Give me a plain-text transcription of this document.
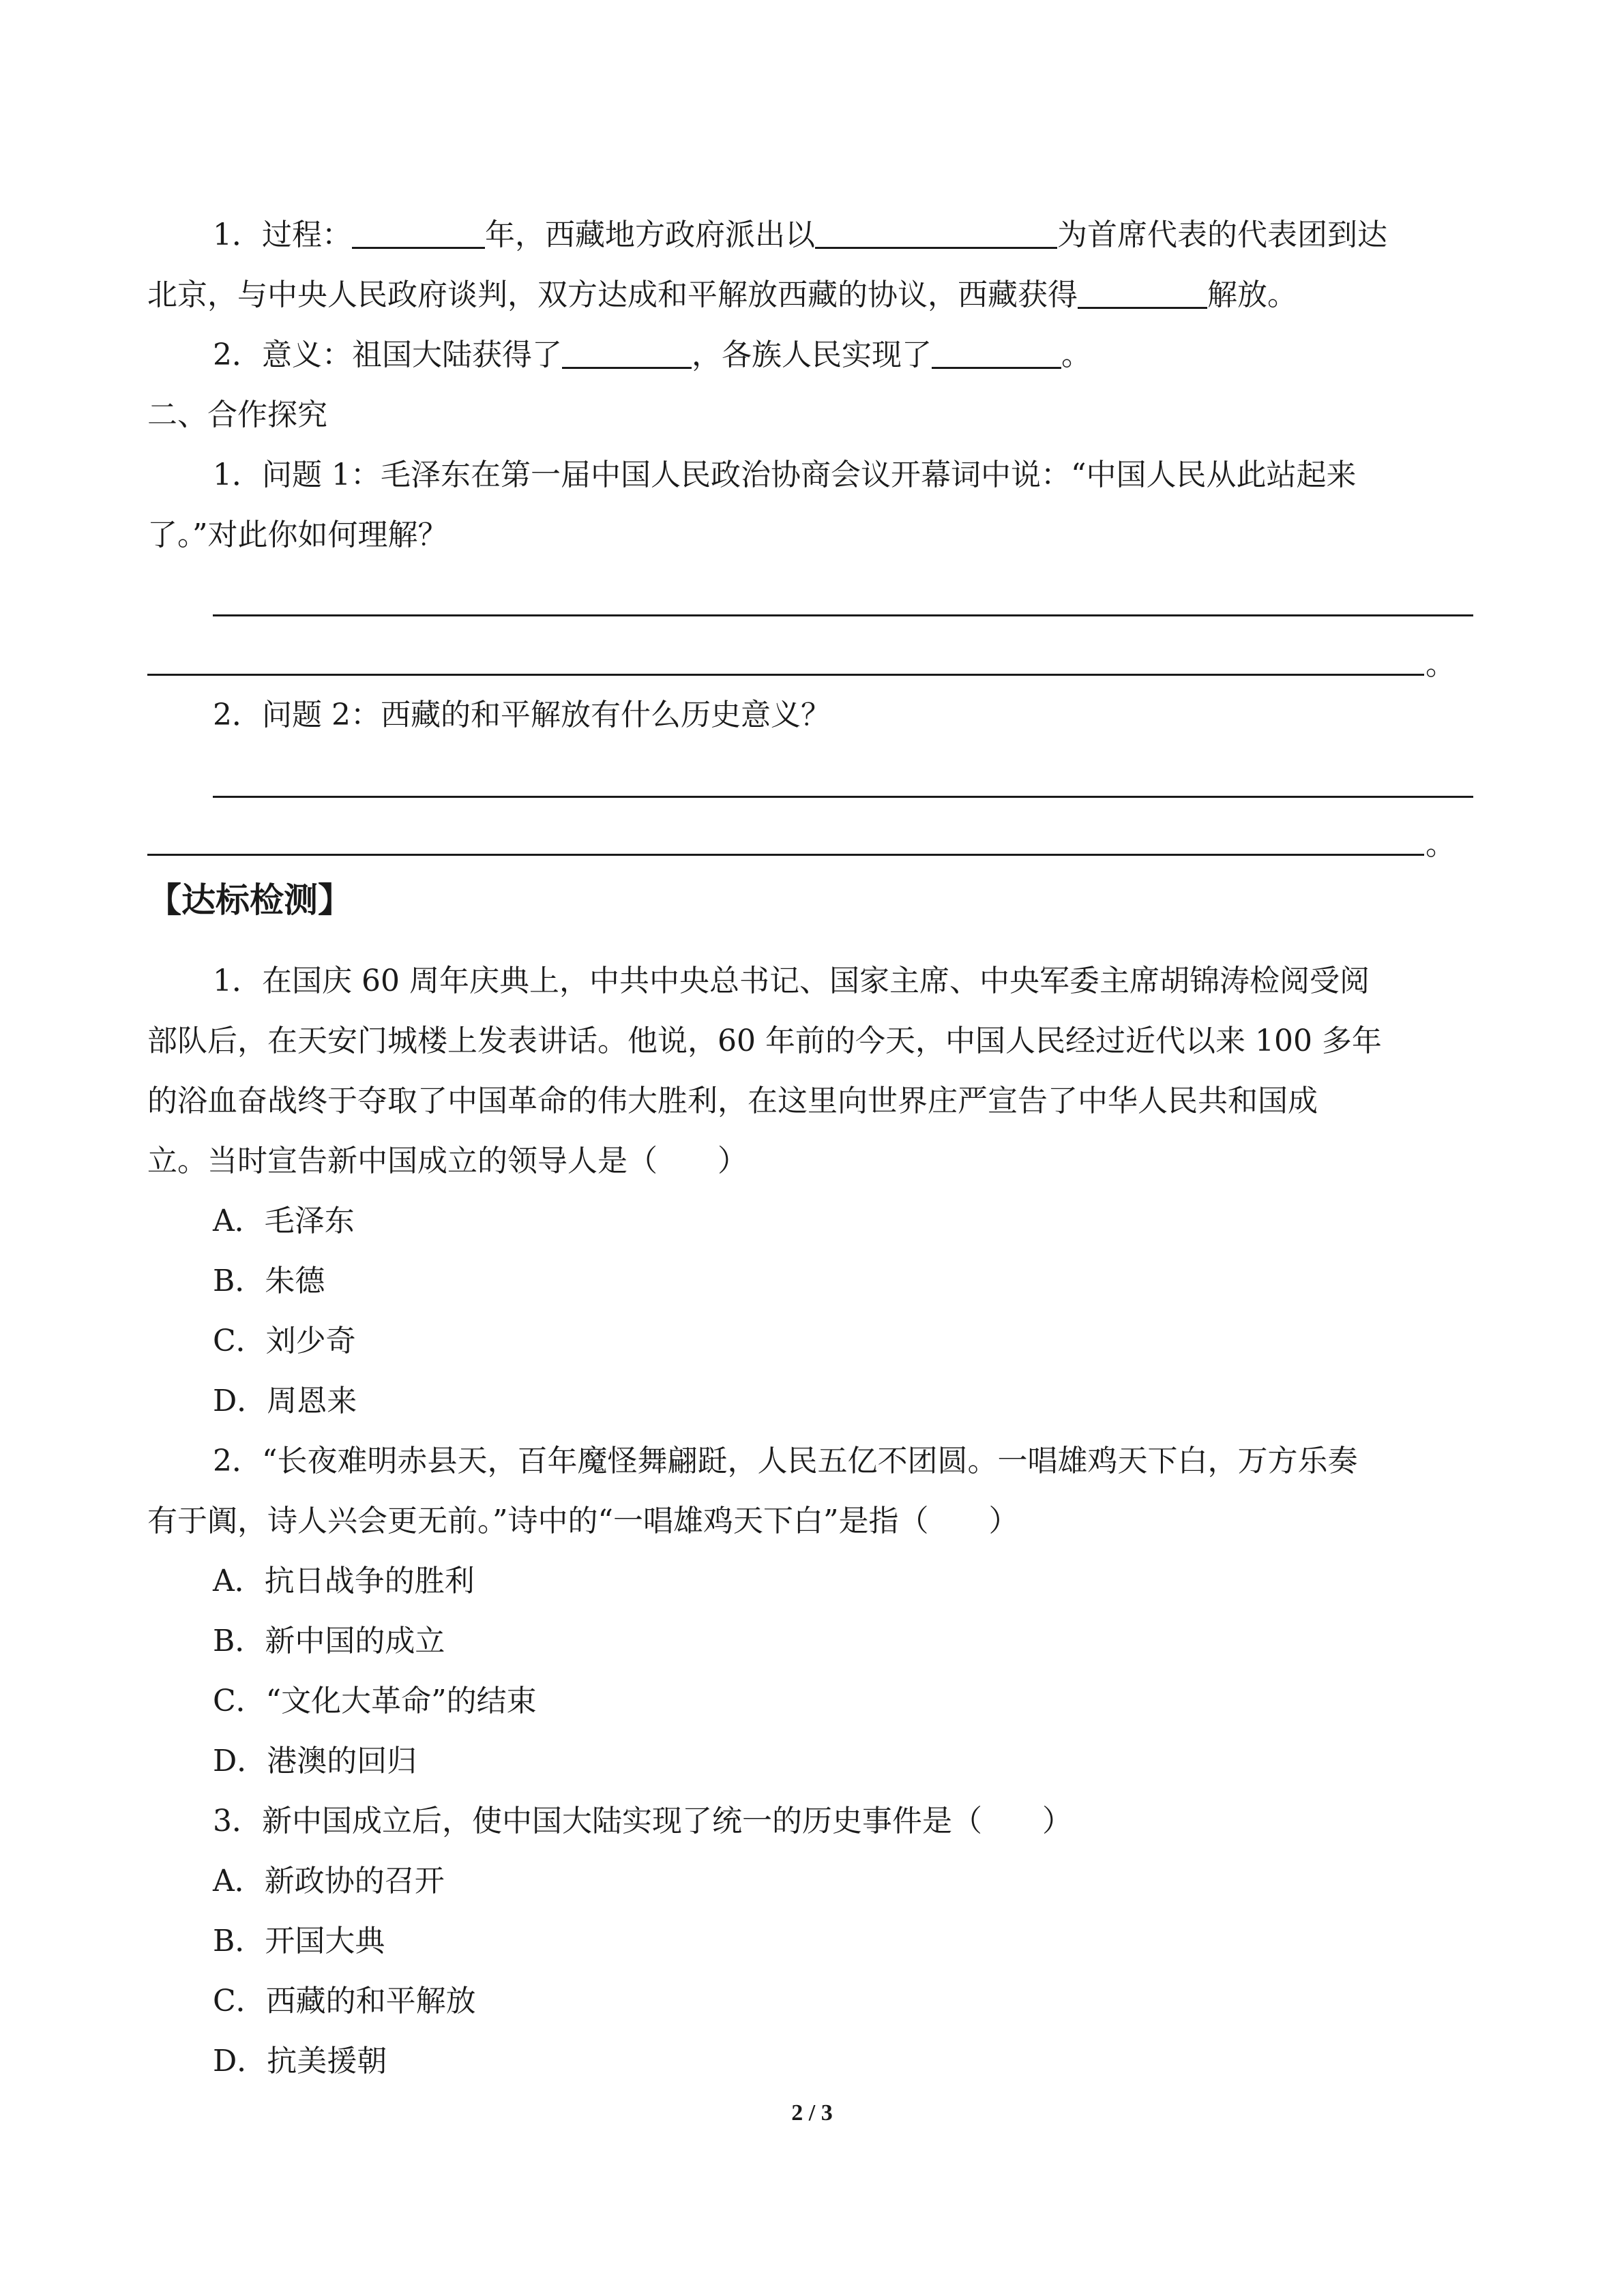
1．过程：	年，西藏地方政府派出以	为首席代表的代表团到达
北京，与中央人民政府谈判，双方达成和平解放西藏的协议，西藏获得	解放。
2．意义：祖国大陆获得了	，各族人民实现了	。
二、合作探究
1．问题 1：毛泽东在第一届中国人民政治协商会议开幕词中说：“中国人民从此站起来
了。”对此你如何理解？
。
2．问题 2：西藏的和平解放有什么历史意义？
。
【达标检测】
1．在国庆 60 周年庆典上，中共中央总书记、国家主席、中央军委主席胡锦涛检阅受阅
部队后，在天安门城楼上发表讲话。他说，60 年前的今天，中国人民经过近代以来 100 多年
的浴血奋战终于夺取了中国革命的伟大胜利，在这里向世界庄严宣告了中华人民共和国成
立。当时宣告新中国成立的领导人是（　　）
A．毛泽东
B．朱德
C．刘少奇
D．周恩来
2．“长夜难明赤县天，百年魔怪舞翩跹，人民五亿不团圆。一唱雄鸡天下白，万方乐奏
有于阗，诗人兴会更无前。”诗中的“一唱雄鸡天下白”是指（　　）
A．抗日战争的胜利
B．新中国的成立
C．“文化大革命”的结束
D．港澳的回归
3．新中国成立后，使中国大陆实现了统一的历史事件是（　　）
A．新政协的召开
B．开国大典
C．西藏的和平解放
D．抗美援朝
2 / 3
